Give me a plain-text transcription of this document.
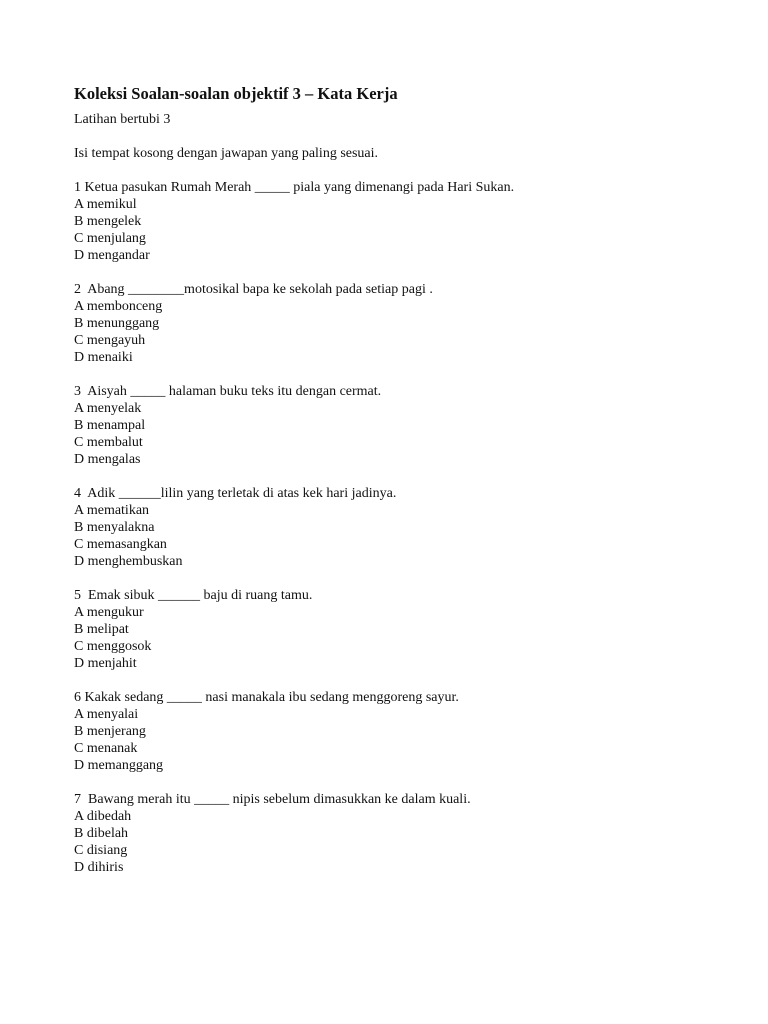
Koleksi Soalan-soalan objektif 3 – Kata Kerja
Latihan bertubi 3
Isi tempat kosong dengan jawapan yang paling sesuai.
1 Ketua pasukan Rumah Merah _____ piala yang dimenangi pada Hari Sukan.
A memikul
B mengelek
C menjulang
D mengandar
2  Abang ________motosikal bapa ke sekolah pada setiap pagi .
A membonceng
B menunggang
C mengayuh
D menaiki
3  Aisyah _____ halaman buku teks itu dengan cermat.
A menyelak
B menampal
C membalut
D mengalas
4  Adik ______lilin yang terletak di atas kek hari jadinya.
A mematikan
B menyalakna
C memasangkan
D menghembuskan
5  Emak sibuk ______ baju di ruang tamu.
A mengukur
B melipat
C menggosok
D menjahit
6 Kakak sedang _____ nasi manakala ibu sedang menggoreng sayur.
A menyalai
B menjerang
C menanak
D memanggang
7  Bawang merah itu _____ nipis sebelum dimasukkan ke dalam kuali.
A dibedah
B dibelah
C disiang
D dihiris
